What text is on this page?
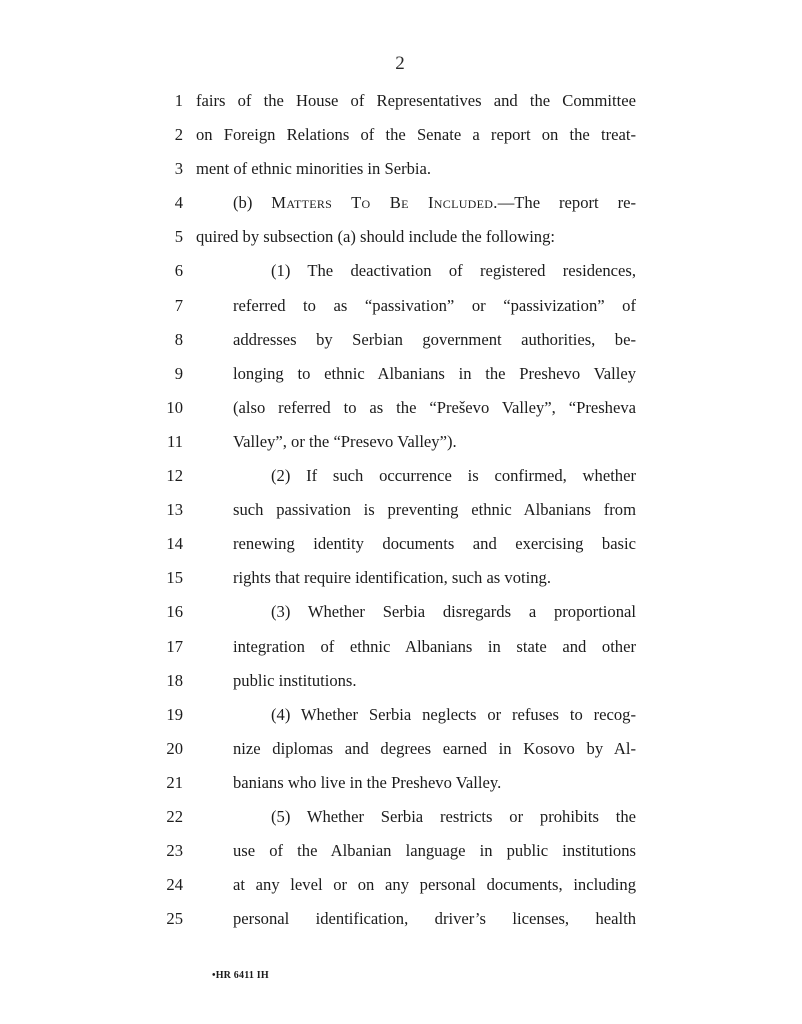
2
1 fairs of the House of Representatives and the Committee
2 on Foreign Relations of the Senate a report on the treat-
3 ment of ethnic minorities in Serbia.
4	(b) Matters To Be Included.—The report re-
5 quired by subsection (a) should include the following:
6	(1) The deactivation of registered residences,
7	referred to as “passivation” or “passivization” of
8	addresses by Serbian government authorities, be-
9	longing to ethnic Albanians in the Preshevo Valley
10	(also referred to as the “Preševo Valley”, “Presheva
11	Valley”, or the “Presevo Valley”).
12	(2) If such occurrence is confirmed, whether
13	such passivation is preventing ethnic Albanians from
14	renewing identity documents and exercising basic
15	rights that require identification, such as voting.
16	(3) Whether Serbia disregards a proportional
17	integration of ethnic Albanians in state and other
18	public institutions.
19	(4) Whether Serbia neglects or refuses to recog-
20	nize diplomas and degrees earned in Kosovo by Al-
21	banians who live in the Preshevo Valley.
22	(5) Whether Serbia restricts or prohibits the
23	use of the Albanian language in public institutions
24	at any level or on any personal documents, including
25	personal identification, driver’s licenses, health
•HR 6411 IH
